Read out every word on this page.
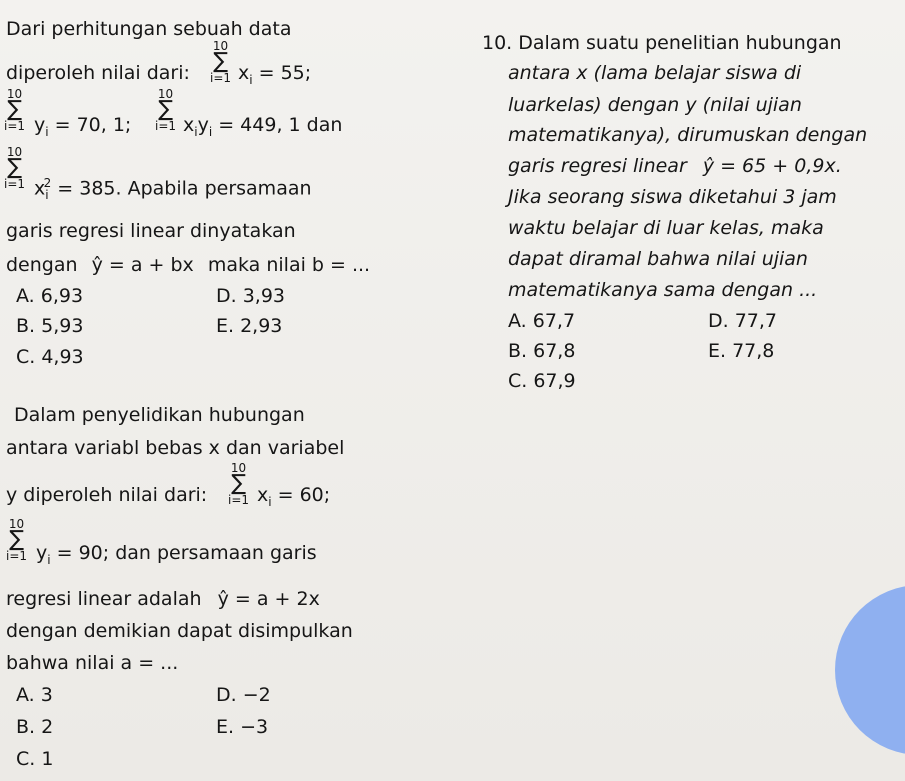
Dari perhitungan sebuah data
diperoleh nilai dari:
10
∑
i=1 $x_i = 55$;
10
∑
i=1 $y_i = 70$, 1;
10
∑
i=1 $x_iy_i = 449$, 1 dan
10
∑
i=1 $x_i^2 = 385$. Apabila persamaan
garis regresi linear dinyatakan
dengan ŷ = a + bx maka nilai b = ...
A. 6,93
B. 5,93
C. 4,93
D. 3,93
E. 2,93
10. Dalam suatu penelitian hubungan
antara x (lama belajar siswa di
luarkelas) dengan y (nilai ujian
matematikanya), dirumuskan dengan
garis regresi linear ŷ = 65 + 0,9x.
Jika seorang siswa diketahui 3 jam
waktu belajar di luar kelas, maka
dapat diramal bahwa nilai ujian
matematikanya sama dengan ...
A. 67,7
B. 67,8
C. 67,9
D. 77,7
E. 77,8
Dalam penyelidikan hubungan
antara variabl bebas x dan variabel
y diperoleh nilai dari:
10
∑
i=1 $x_i = 60$;
10
∑
i=1 $y_i = 90$; dan persamaan garis
regresi linear adalah ŷ = a + 2x
dengan demikian dapat disimpulkan
bahwa nilai a = ...
A. 3
B. 2
C. 1
D. −2
E. −3
